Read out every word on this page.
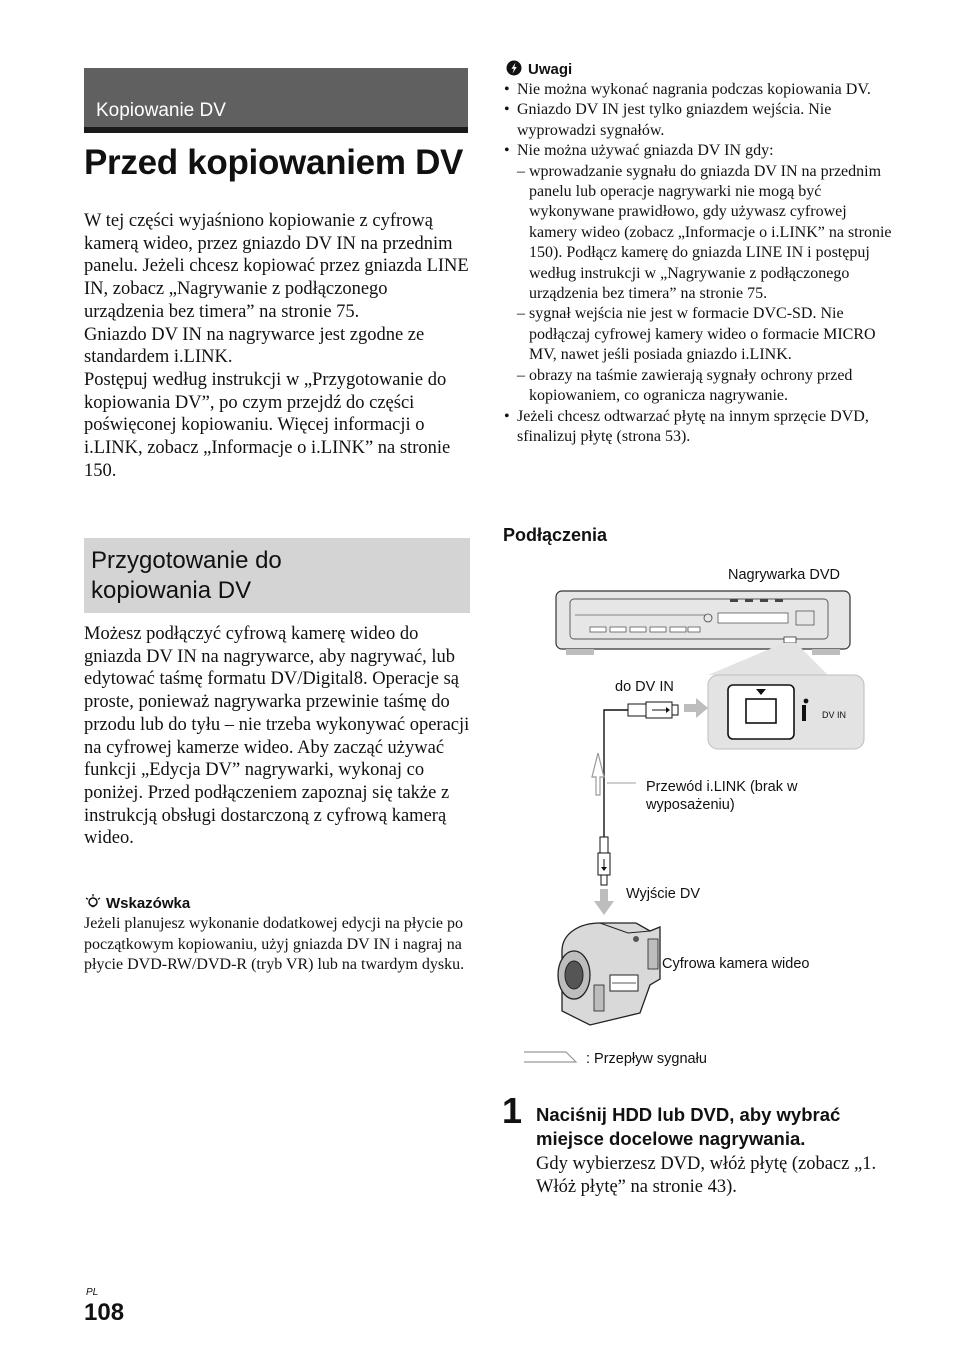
Kopiowanie DV
Przed kopiowaniem DV

W tej części wyjaśniono kopiowanie z cyfrową kamerą wideo, przez gniazdo DV IN na przednim panelu. Jeżeli chcesz kopiować przez gniazda LINE IN, zobacz „Nagrywanie z podłączonego urządzenia bez timera” na stronie 75.

Gniazdo DV IN na nagrywarce jest zgodne ze standardem i.LINK.

Postępuj według instrukcji w „Przygotowanie do kopiowania DV”, po czym przejdź do części poświęconej kopiowaniu. Więcej informacji o i.LINK, zobacz „Informacje o i.LINK” na stronie 150.

Przygotowanie do
kopiowania DV
Możesz podłączyć cyfrową kamerę wideo do gniazda DV IN na nagrywarce, aby nagrywać, lub edytować taśmę formatu DV/Digital8. Operacje są proste, ponieważ nagrywarka przewinie taśmę do przodu lub do tyłu – nie trzeba wykonywać operacji na cyfrowej kamerze wideo. Aby zacząć używać funkcji „Edycja DV” nagrywarki, wykonaj co poniżej. Przed podłączeniem zapoznaj się także z instrukcją obsługi dostarczoną z cyfrową kamerą wideo.
Wskazówka
Jeżeli planujesz wykonanie dodatkowej edycji na płycie po początkowym kopiowaniu, użyj gniazda DV IN i nagraj na płycie DVD-RW/DVD-R (tryb VR) lub na twardym dysku.
Uwagi
• Nie można wykonać nagrania podczas kopiowania DV.
• Gniazdo DV IN jest tylko gniazdem wejścia. Nie wyprowadzi sygnałów.
• Nie można używać gniazda DV IN gdy:
– wprowadzanie sygnału do gniazda DV IN na przednim panelu lub operacje nagrywarki nie mogą być wykonywane prawidłowo, gdy używasz cyfrowej kamery wideo (zobacz „Informacje o i.LINK” na stronie 150). Podłącz kamerę do gniazda LINE IN i postępuj według instrukcji w „Nagrywanie z podłączonego urządzenia bez timera” na stronie 75.
– sygnał wejścia nie jest w formacie DVC-SD. Nie podłączaj cyfrowej kamery wideo o formacie MICRO MV, nawet jeśli posiada gniazdo i.LINK.
– obrazy na taśmie zawierają sygnały ochrony przed kopiowaniem, co ogranicza nagrywanie.
• Jeżeli chcesz odtwarzać płytę na innym sprzęcie DVD, sfinalizuj płytę (strona 53).
Podłączenia
Nagrywarka DVD
DV IN
do DV IN
Przewód i.LINK (brak w
wyposażeniu)
Wyjście DV
Cyfrowa kamera wideo
: Przepływ sygnału
1 Naciśnij HDD lub DVD, aby wybrać miejsce docelowe nagrywania.
Gdy wybierzesz DVD, włóż płytę (zobacz „1. Włóż płytę” na stronie 43).
PL
108
